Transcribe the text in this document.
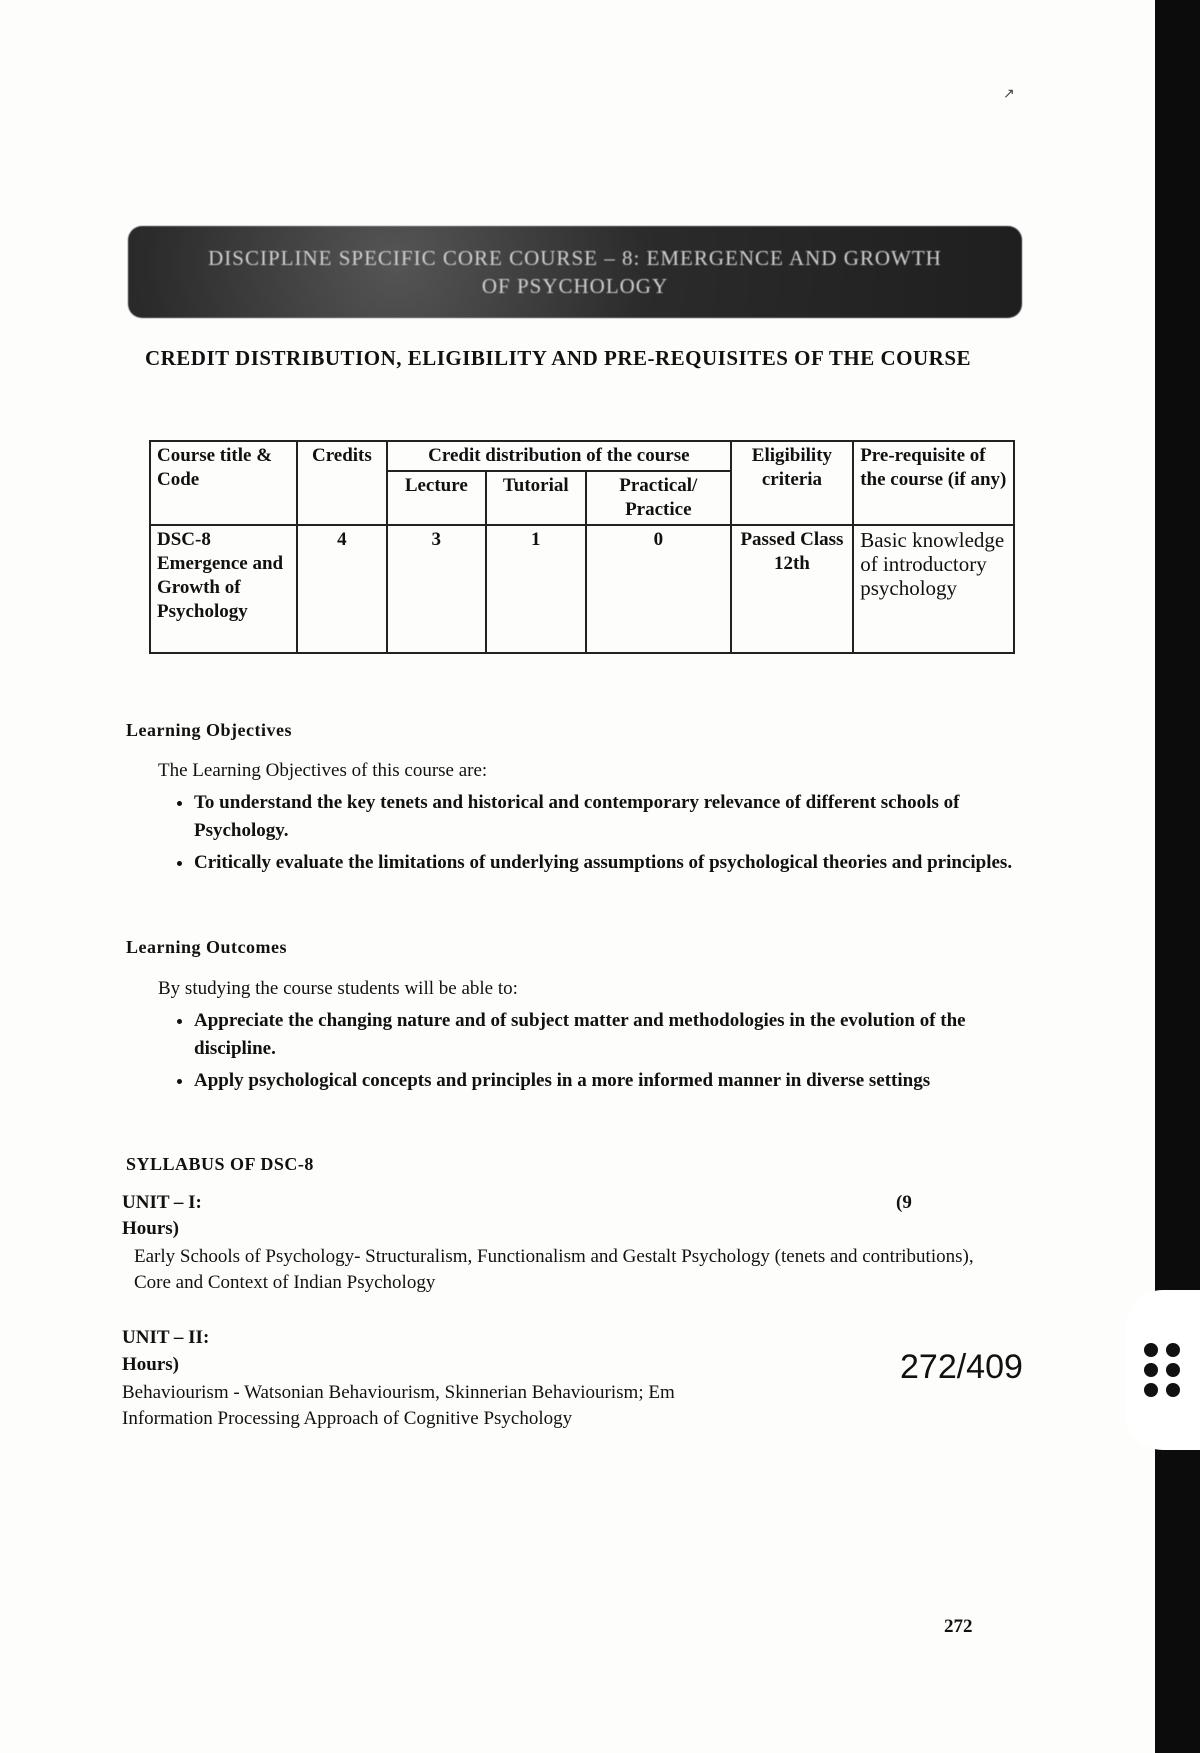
↗
DISCIPLINE SPECIFIC CORE COURSE – 8: EMERGENCE AND GROWTH
OF PSYCHOLOGY
CREDIT DISTRIBUTION, ELIGIBILITY AND PRE-REQUISITES OF THE COURSE
Course title & Code	Credits	Credit distribution of the course			Eligibility criteria	Pre-requisite of the course (if any)
		Lecture	Tutorial	Practical/ Practice		
DSC-8 Emergence and Growth of Psychology	4	3	1	0	Passed Class 12th	Basic knowledge of introductory psychology
Learning Objectives
The Learning Objectives of this course are:
• To understand the key tenets and historical and contemporary relevance of different schools of Psychology.
• Critically evaluate the limitations of underlying assumptions of psychological theories and principles.
Learning Outcomes
By studying the course students will be able to:
• Appreciate the changing nature and of subject matter and methodologies in the evolution of the discipline.
• Apply psychological concepts and principles in a more informed manner in diverse settings
SYLLABUS OF DSC-8
UNIT – I:	(9
Hours)
Early Schools of Psychology- Structuralism, Functionalism and Gestalt Psychology (tenets and contributions), Core and Context of Indian Psychology
UNIT – II:
Hours)
Behaviourism - Watsonian Behaviourism, Skinnerian Behaviourism; Em
Information Processing Approach of Cognitive Psychology
272
272/409
